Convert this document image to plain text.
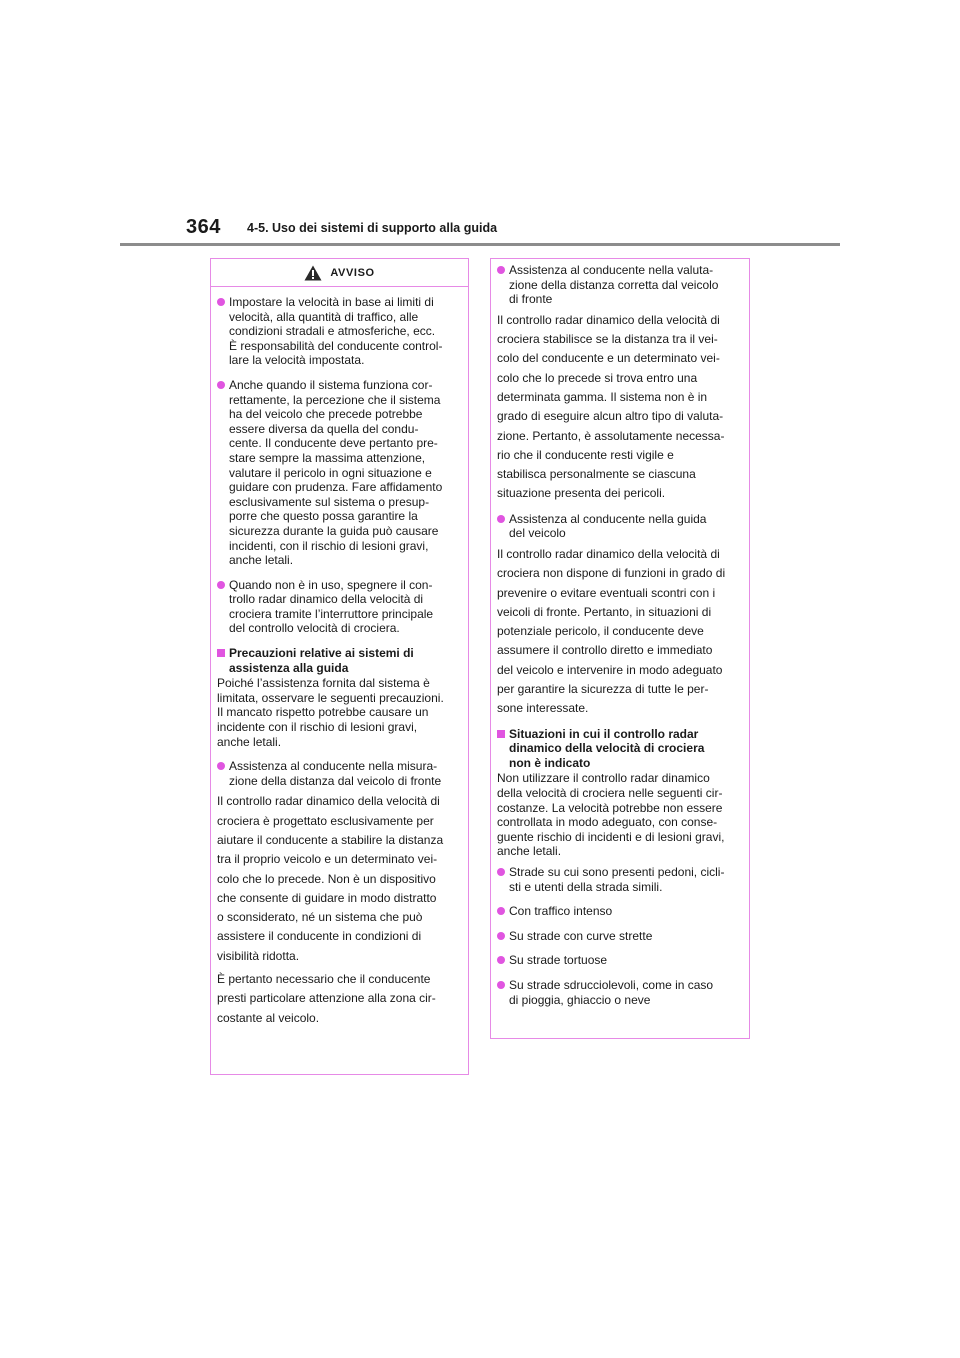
364 4-5. Uso dei sistemi di supporto alla guida
AVVISO
Impostare la velocità in base ai limiti di
velocità, alla quantità di traffico, alle
condizioni stradali e atmosferiche, ecc.
È responsabilità del conducente control-
lare la velocità impostata.
Anche quando il sistema funziona cor-
rettamente, la percezione che il sistema
ha del veicolo che precede potrebbe
essere diversa da quella del condu-
cente. Il conducente deve pertanto pre-
stare sempre la massima attenzione,
valutare il pericolo in ogni situazione e
guidare con prudenza. Fare affidamento
esclusivamente sul sistema o presup-
porre che questo possa garantire la
sicurezza durante la guida può causare
incidenti, con il rischio di lesioni gravi,
anche letali.
Quando non è in uso, spegnere il con-
trollo radar dinamico della velocità di
crociera tramite l’interruttore principale
del controllo velocità di crociera.
Precauzioni relative ai sistemi di
assistenza alla guida
Poiché l’assistenza fornita dal sistema è
limitata, osservare le seguenti precauzioni.
Il mancato rispetto potrebbe causare un
incidente con il rischio di lesioni gravi,
anche letali.
Assistenza al conducente nella misura-
zione della distanza dal veicolo di fronte
Il controllo radar dinamico della velocità di
crociera è progettato esclusivamente per
aiutare il conducente a stabilire la distanza
tra il proprio veicolo e un determinato vei-
colo che lo precede. Non è un dispositivo
che consente di guidare in modo distratto
o sconsiderato, né un sistema che può
assistere il conducente in condizioni di
visibilità ridotta.
È pertanto necessario che il conducente
presti particolare attenzione alla zona cir-
costante al veicolo.
Assistenza al conducente nella valuta-
zione della distanza corretta dal veicolo
di fronte
Il controllo radar dinamico della velocità di
crociera stabilisce se la distanza tra il vei-
colo del conducente e un determinato vei-
colo che lo precede si trova entro una
determinata gamma. Il sistema non è in
grado di eseguire alcun altro tipo di valuta-
zione. Pertanto, è assolutamente necessa-
rio che il conducente resti vigile e
stabilisca personalmente se ciascuna
situazione presenta dei pericoli.
Assistenza al conducente nella guida
del veicolo
Il controllo radar dinamico della velocità di
crociera non dispone di funzioni in grado di
prevenire o evitare eventuali scontri con i
veicoli di fronte. Pertanto, in situazioni di
potenziale pericolo, il conducente deve
assumere il controllo diretto e immediato
del veicolo e intervenire in modo adeguato
per garantire la sicurezza di tutte le per-
sone interessate.
Situazioni in cui il controllo radar
dinamico della velocità di crociera
non è indicato
Non utilizzare il controllo radar dinamico
della velocità di crociera nelle seguenti cir-
costanze. La velocità potrebbe non essere
controllata in modo adeguato, con conse-
guente rischio di incidenti e di lesioni gravi,
anche letali.
Strade su cui sono presenti pedoni, cicli-
sti e utenti della strada simili.
Con traffico intenso
Su strade con curve strette
Su strade tortuose
Su strade sdrucciolevoli, come in caso
di pioggia, ghiaccio o neve
